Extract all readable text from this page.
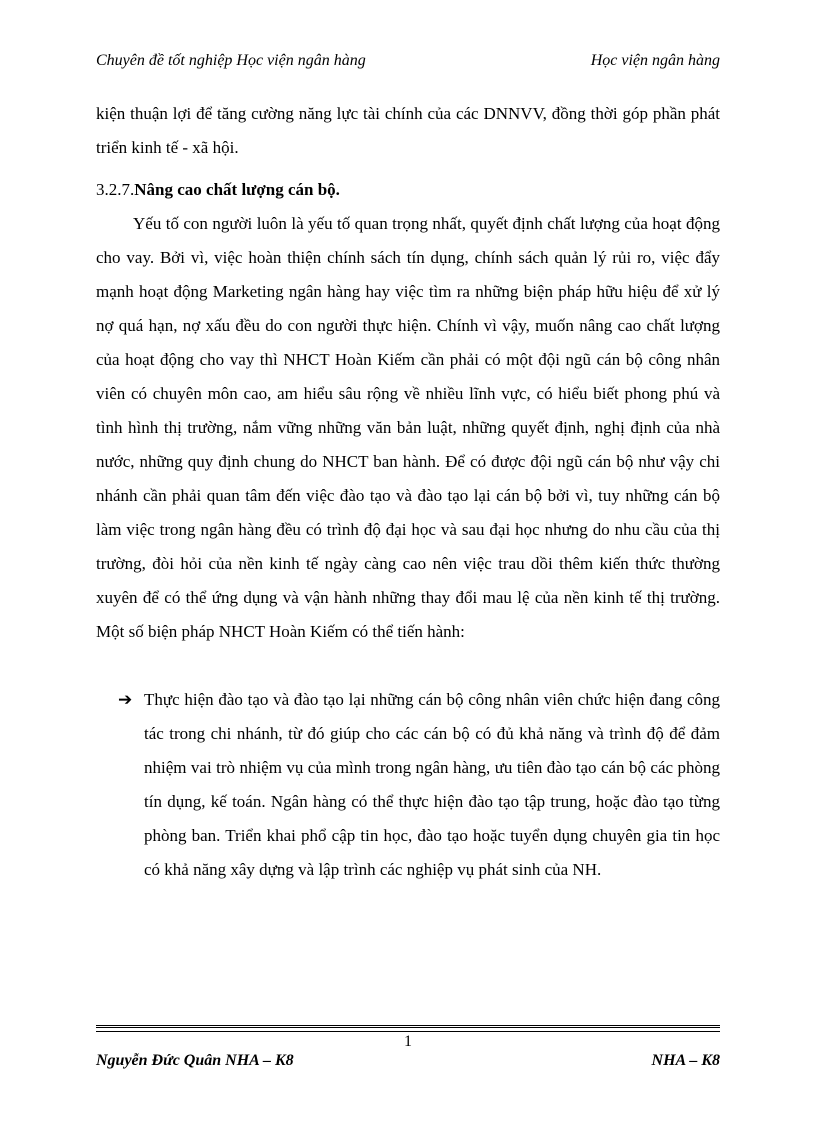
Chuyên đề tốt nghiệp Học viện ngân hàng	Học viện ngân hàng

kiện thuận lợi để tăng cường năng lực tài chính của các DNNVV, đồng thời góp phần phát triển kinh tế - xã hội.

3.2.7.Nâng cao chất lượng cán bộ.

Yếu tố con người luôn là yếu tố quan trọng nhất, quyết định chất lượng của hoạt động cho vay. Bởi vì, việc hoàn thiện chính sách tín dụng, chính sách quản lý rủi ro, việc đẩy mạnh hoạt động Marketing ngân hàng hay việc tìm ra những biện pháp hữu hiệu để xử lý nợ quá hạn, nợ xấu đều do con người thực hiện. Chính vì vậy, muốn nâng cao chất lượng của hoạt động cho vay thì NHCT Hoàn Kiếm cần phải có một đội ngũ cán bộ công nhân viên có chuyên môn cao, am hiểu sâu rộng về nhiều lĩnh vực, có hiểu biết phong phú và tình hình thị trường, nắm vững những văn bản luật, những quyết định, nghị định của nhà nước, những quy định chung do NHCT ban hành. Để có được đội ngũ cán bộ như vậy chi nhánh cần phải quan tâm đến việc đào tạo và đào tạo lại cán bộ bởi vì, tuy những cán bộ làm việc trong ngân hàng đều có trình độ đại học và sau đại học nhưng do nhu cầu của thị trường, đòi hỏi của nền kinh tế ngày càng cao nên việc trau dồi thêm kiến thức thường xuyên để có thể ứng dụng và vận hành những thay đổi mau lệ của nền kinh tế thị trường. Một số biện pháp NHCT Hoàn Kiếm có thể tiến hành:

➔ Thực hiện đào tạo và đào tạo lại những cán bộ công nhân viên chức hiện đang công tác trong chi nhánh, từ đó giúp cho các cán bộ có đủ khả năng và trình độ để đảm nhiệm vai trò nhiệm vụ của mình trong ngân hàng, ưu tiên đào tạo cán bộ các phòng tín dụng, kế toán. Ngân hàng có thể thực hiện đào tạo tập trung, hoặc đào tạo từng phòng ban. Triển khai phổ cập tin học, đào tạo hoặc tuyển dụng chuyên gia tin học có khả năng xây dựng và lập trình các nghiệp vụ phát sinh của NH.

1
Nguyễn Đức Quân NHA – K8	NHA – K8
